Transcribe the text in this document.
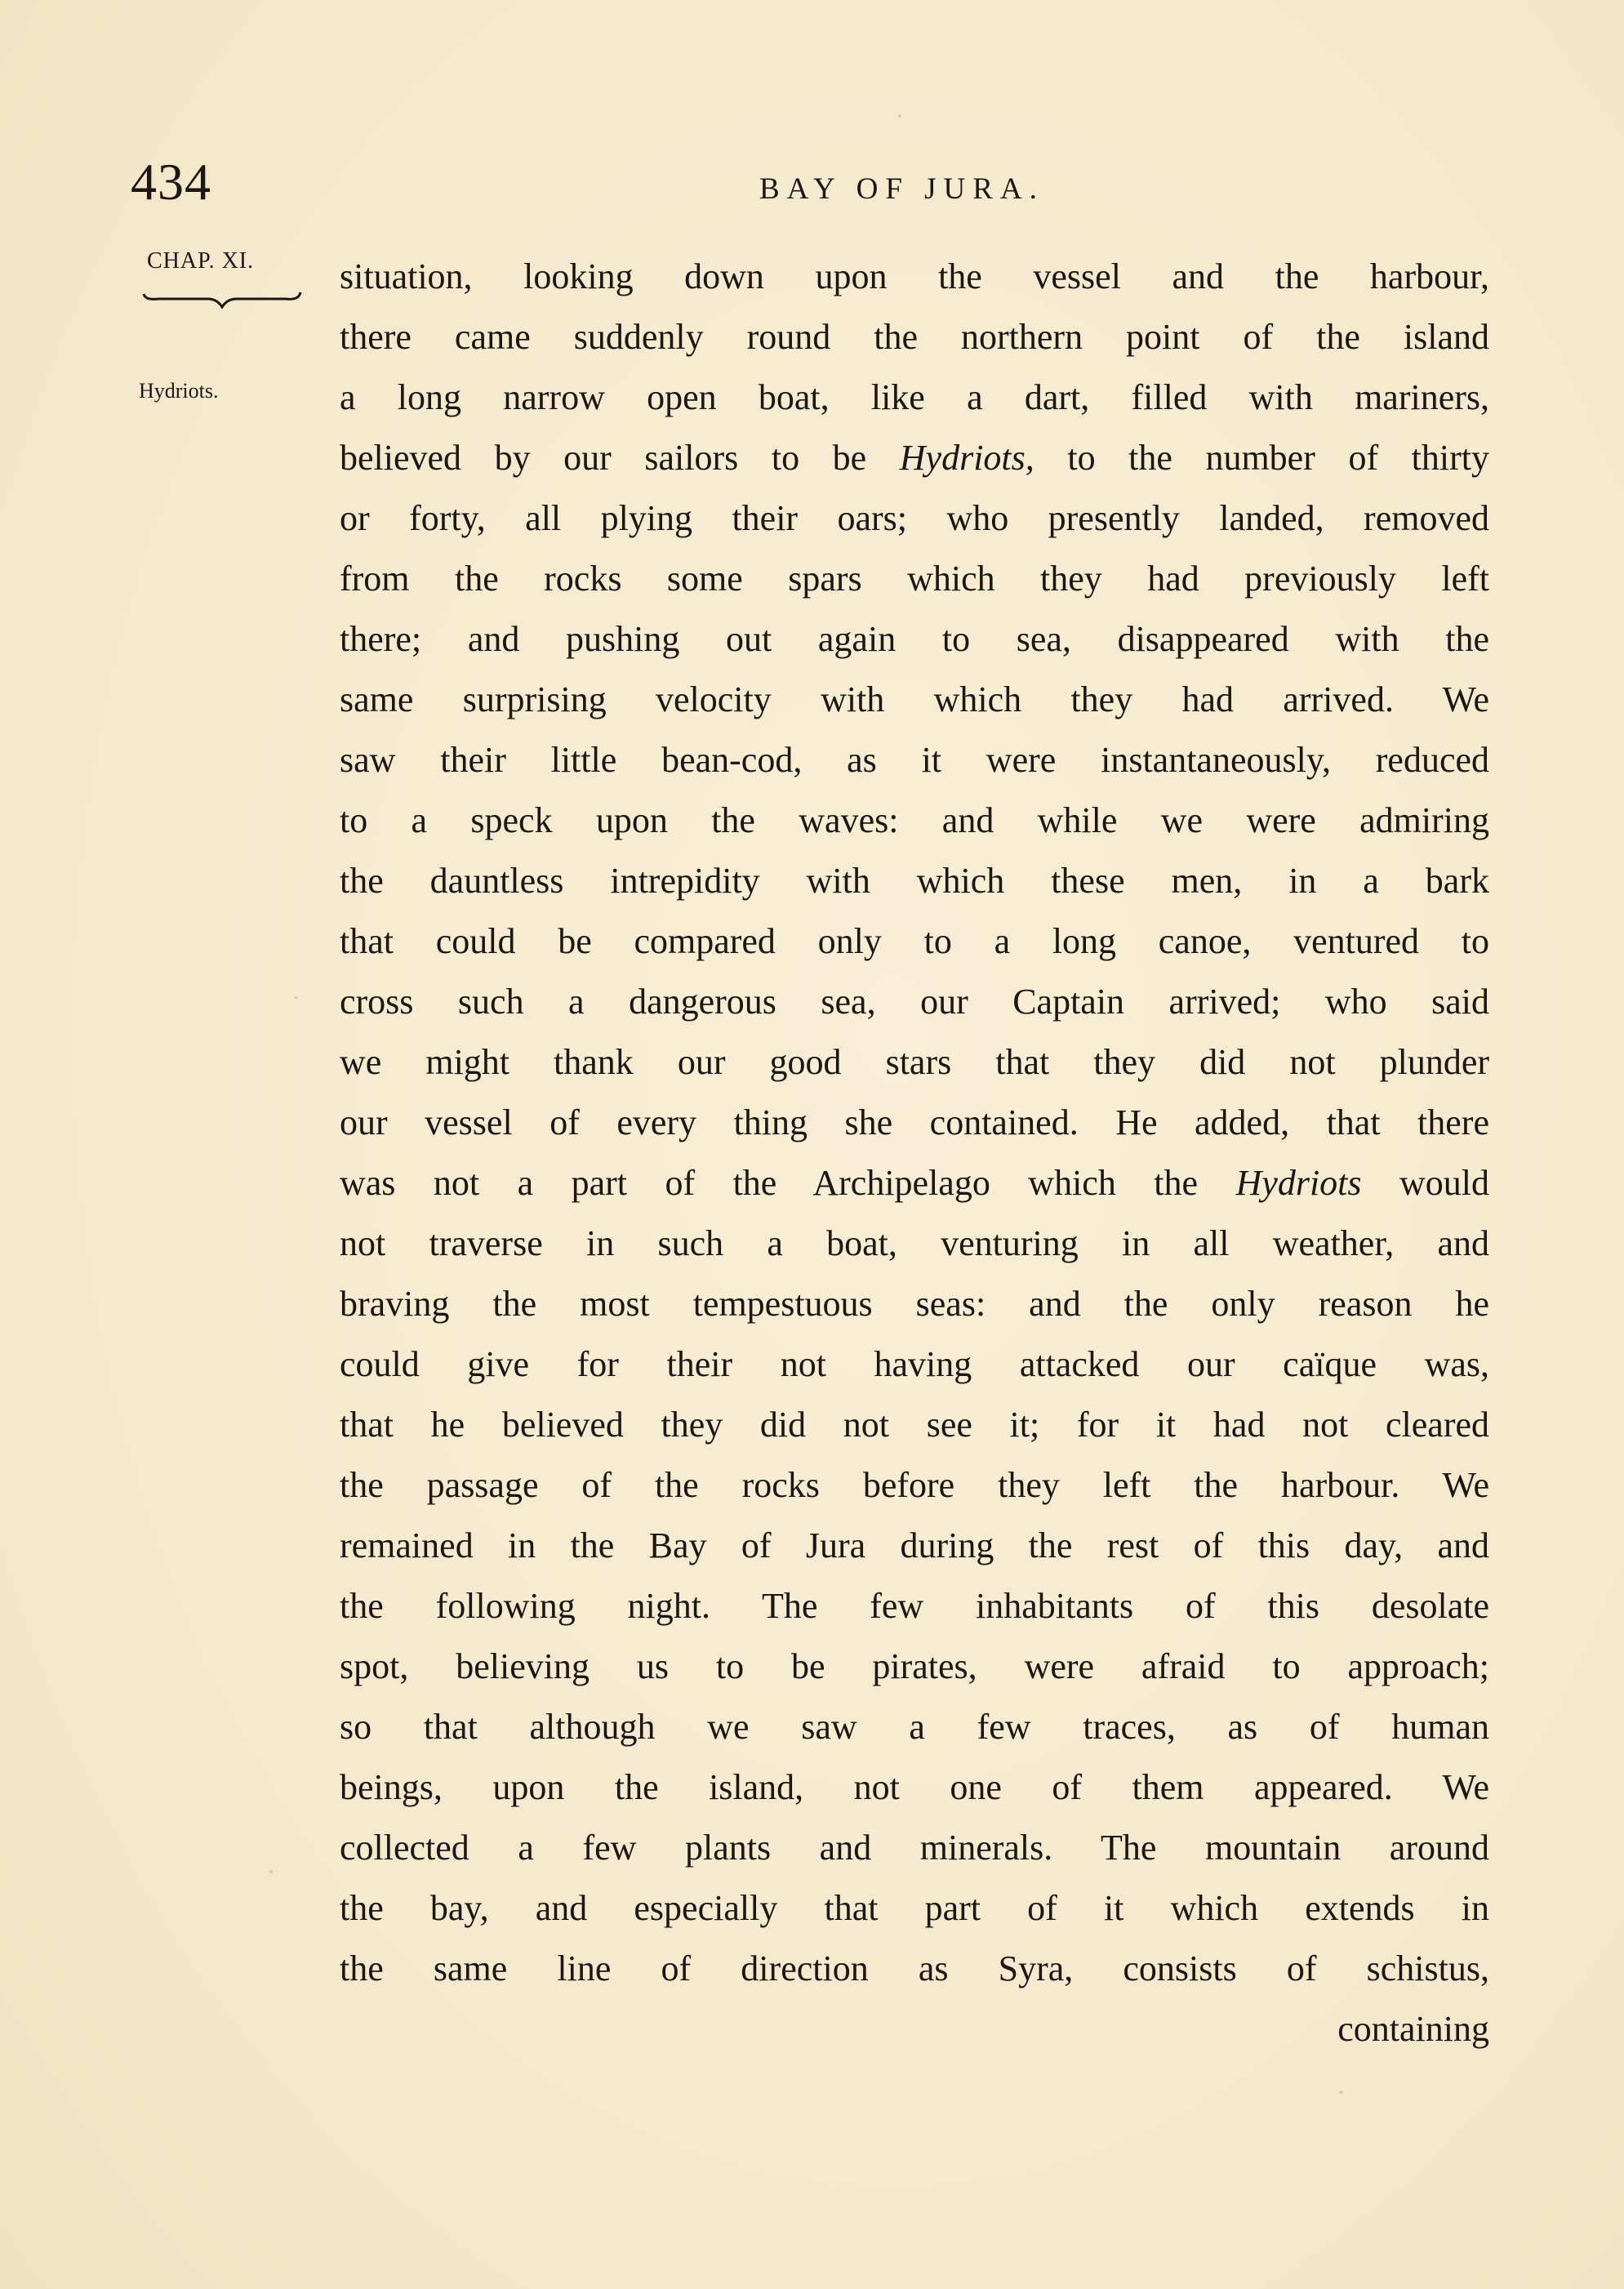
434	BAY OF JURA.
CHAP. XI.
Hydriots.
situation, looking down upon the vessel and the harbour,
there came suddenly round the northern point of the island
a long narrow open boat, like a dart, filled with mariners,
believed by our sailors to be Hydriots, to the number of thirty
or forty, all plying their oars; who presently landed, removed
from the rocks some spars which they had previously left
there; and pushing out again to sea, disappeared with the
same surprising velocity with which they had arrived. We
saw their little bean-cod, as it were instantaneously, reduced
to a speck upon the waves: and while we were admiring
the dauntless intrepidity with which these men, in a bark
that could be compared only to a long canoe, ventured to
cross such a dangerous sea, our Captain arrived; who said
we might thank our good stars that they did not plunder
our vessel of every thing she contained. He added, that there
was not a part of the Archipelago which the Hydriots would
not traverse in such a boat, venturing in all weather, and
braving the most tempestuous seas: and the only reason he
could give for their not having attacked our caïque was,
that he believed they did not see it; for it had not cleared
the passage of the rocks before they left the harbour. We
remained in the Bay of Jura during the rest of this day, and
the following night. The few inhabitants of this desolate
spot, believing us to be pirates, were afraid to approach;
so that although we saw a few traces, as of human
beings, upon the island, not one of them appeared. We
collected a few plants and minerals. The mountain around
the bay, and especially that part of it which extends in
the same line of direction as Syra, consists of schistus,
containing
